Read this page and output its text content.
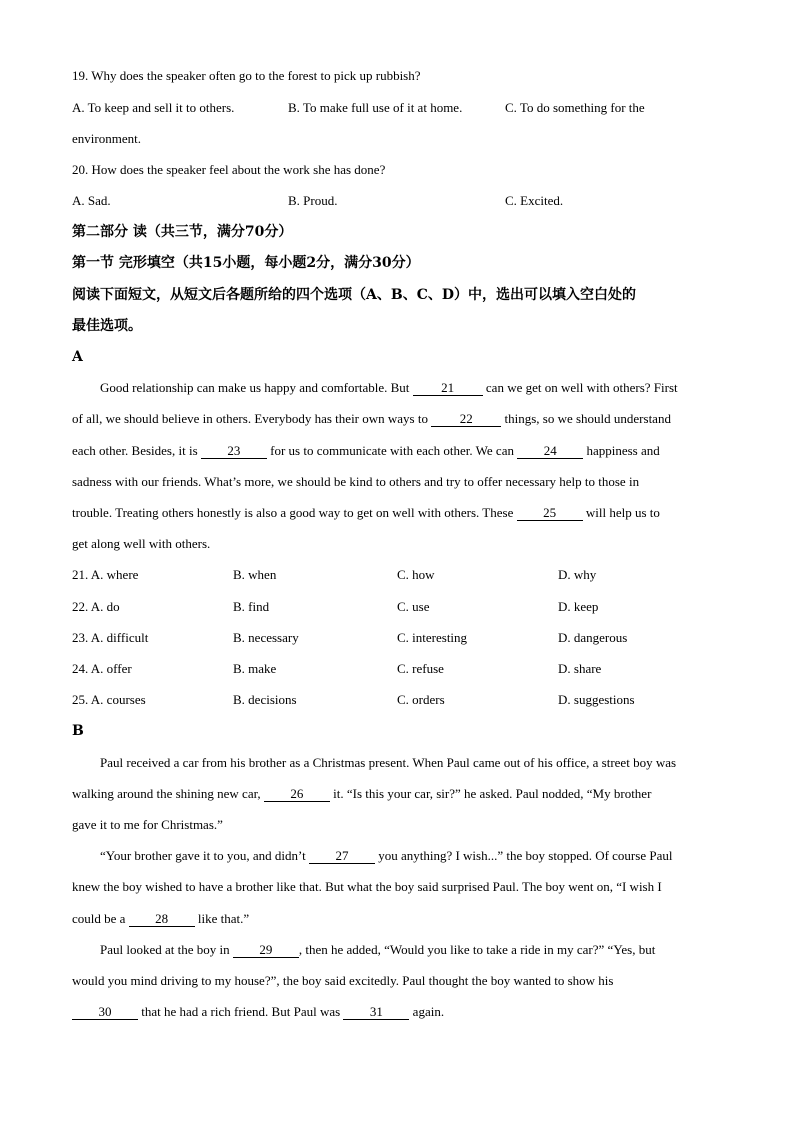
19. Why does the speaker often go to the forest to pick up rubbish?
A. To keep and sell it to others.	B. To make full use of it at home.	C. To do something for the
environment.
20. How does the speaker feel about the work she has done?
A. Sad.	B. Proud.	C. Excited.
第二部分 读（共三节，满分70分）
第一节 完形填空（共15小题，每小题2分，满分30分）
阅读下面短文，从短文后各题所给的四个选项（A、B、C、D）中，选出可以填入空白处的
最佳选项。
A
Good relationship can make us happy and comfortable. But 21 can we get on well with others? First
of all, we should believe in others. Everybody has their own ways to 22 things, so we should understand
each other. Besides, it is 23 for us to communicate with each other. We can 24 happiness and
sadness with our friends. What’s more, we should be kind to others and try to offer necessary help to those in
trouble. Treating others honestly is also a good way to get on well with others. These 25 will help us to
get along well with others.
21. A. where	B. when	C. how	D. why
22. A. do	B. find	C. use	D. keep
23. A. difficult	B. necessary	C. interesting	D. dangerous
24. A. offer	B. make	C. refuse	D. share
25. A. courses	B. decisions	C. orders	D. suggestions
B
Paul received a car from his brother as a Christmas present. When Paul came out of his office, a street boy was
walking around the shining new car, 26 it. “Is this your car, sir?” he asked. Paul nodded, “My brother
gave it to me for Christmas.”
“Your brother gave it to you, and didn’t 27 you anything? I wish...” the boy stopped. Of course Paul
knew the boy wished to have a brother like that. But what the boy said surprised Paul. The boy went on, “I wish I
could be a 28 like that.”
Paul looked at the boy in 29 , then he added, “Would you like to take a ride in my car?” “Yes, but
would you mind driving to my house?”, the boy said excitedly. Paul thought the boy wanted to show his
30 that he had a rich friend. But Paul was 31 again.
